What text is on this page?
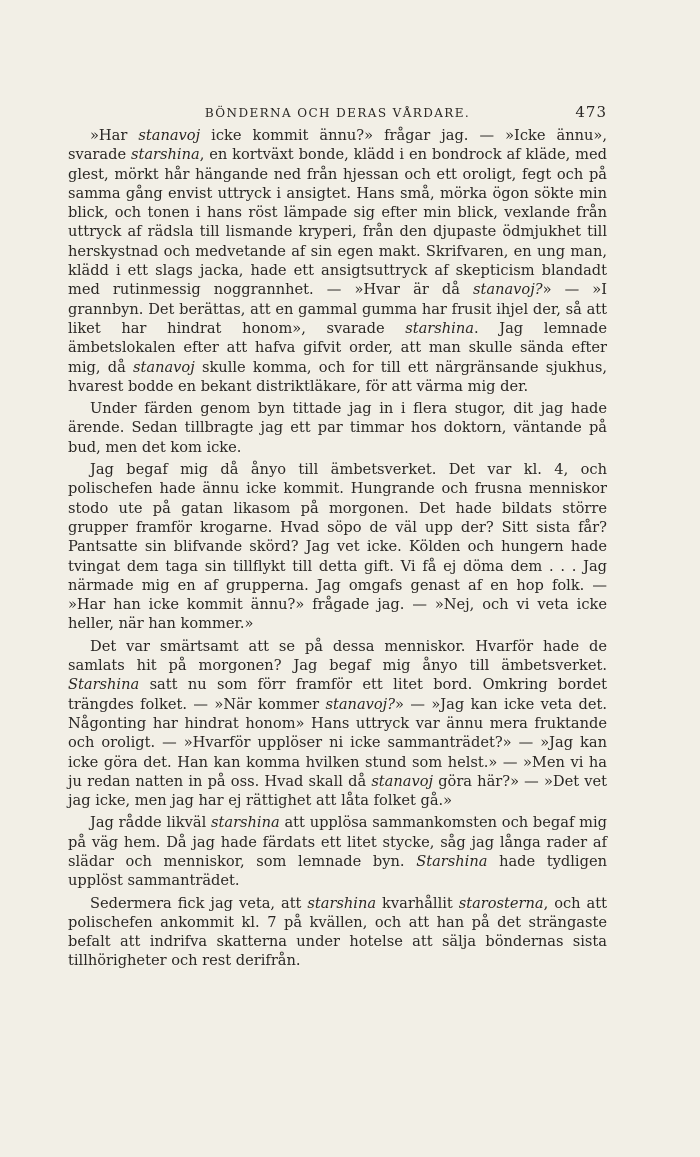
BÖNDERNA OCH DERAS VÅRDARE.	473

»Har stanavoj icke kommit ännu?» frågar jag. — »Icke ännu», svarade starshina, en kortväxt bonde, klädd i en bondrock af kläde, med glest, mörkt hår hängande ned från hjessan och ett oroligt, fegt och på samma gång envist uttryck i ansigtet. Hans små, mörka ögon sökte min blick, och tonen i hans röst lämpade sig efter min blick, vexlande från uttryck af rädsla till lismande kryperi, från den djupaste ödmjukhet till herskystnad och medvetande af sin egen makt. Skrifvaren, en ung man, klädd i ett slags jacka, hade ett ansigtsuttryck af skepticism blandadt med rutinmessig noggrannhet. — »Hvar är då stanavoj?» — »I grannbyn. Det berättas, att en gammal gumma har frusit ihjel der, så att liket har hindrat honom», svarade starshina. Jag lemnade ämbetslokalen efter att hafva gifvit order, att man skulle sända efter mig, då stanavoj skulle komma, och for till ett närgränsande sjukhus, hvarest bodde en bekant distriktläkare, för att värma mig der.

Under färden genom byn tittade jag in i flera stugor, dit jag hade ärende. Sedan tillbragte jag ett par timmar hos doktorn, väntande på bud, men det kom icke.

Jag begaf mig då ånyo till ämbetsverket. Det var kl. 4, och polischefen hade ännu icke kommit. Hungrande och frusna menniskor stodo ute på gatan likasom på morgonen. Det hade bildats större grupper framför krogarne. Hvad söpo de väl upp der? Sitt sista får? Pantsatte sin blifvande skörd? Jag vet icke. Kölden och hungern hade tvingat dem taga sin tillflykt till detta gift. Vi få ej döma dem . . . Jag närmade mig en af grupperna. Jag omgafs genast af en hop folk. — »Har han icke kommit ännu?» frågade jag. — »Nej, och vi veta icke heller, när han kommer.»

Det var smärtsamt att se på dessa menniskor. Hvarför hade de samlats hit på morgonen? Jag begaf mig ånyo till ämbetsverket. Starshina satt nu som förr framför ett litet bord. Omkring bordet trängdes folket. — »När kommer stanavoj?» — »Jag kan icke veta det. Någonting har hindrat honom» Hans uttryck var ännu mera fruktande och oroligt. — »Hvarför upplöser ni icke sammanträdet?» — »Jag kan icke göra det. Han kan komma hvilken stund som helst.» — »Men vi ha ju redan natten in på oss. Hvad skall då stanavoj göra här?» — »Det vet jag icke, men jag har ej rättighet att låta folket gå.»

Jag rådde likväl starshina att upplösa sammankomsten och begaf mig på väg hem. Då jag hade färdats ett litet stycke, såg jag långa rader af slädar och menniskor, som lemnade byn. Starshina hade tydligen upplöst sammanträdet.

Sedermera fick jag veta, att starshina kvarhållit starosterna, och att polischefen ankommit kl. 7 på kvällen, och att han på det strängaste befalt att indrifva skatterna under hotelse att sälja böndernas sista tillhörigheter och rest derifrån.
